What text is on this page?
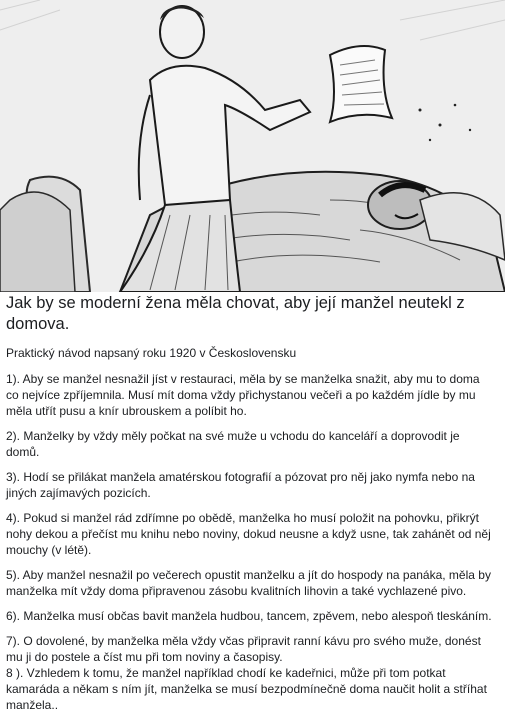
Jak by se moderní žena měla chovat, aby její manžel neutekl z domova.

Praktický návod napsaný roku 1920 v Československu

1). Aby se manžel nesnažil jíst v restauraci, měla by se manželka snažit, aby mu to doma co nejvíce zpříjemnila. Musí mít doma vždy přichystanou večeři a po každém jídle by mu měla utřít pusu a knír ubrouskem a políbit ho.
2). Manželky by vždy měly počkat na své muže u vchodu do kanceláří a doprovodit je domů.
3). Hodí se přilákat manžela amatérskou fotografií a pózovat pro něj jako nymfa nebo na jiných zajímavých pozicích.
4). Pokud si manžel rád zdřímne po obědě, manželka ho musí položit na pohovku, přikrýt nohy dekou a přečíst mu knihu nebo noviny, dokud neusne a když usne, tak zahánět od něj mouchy (v létě).
5). Aby manžel nesnažil po večerech opustit manželku a jít do hospody na panáka, měla by manželka mít vždy doma připravenou zásobu kvalitních lihovin a také vychlazené pivo.
6). Manželka musí občas bavit manžela hudbou, tancem, zpěvem, nebo alespoň tleskáním.
7). O dovolené, by manželka měla vždy včas připravit ranní kávu pro svého muže, donést mu ji do postele a číst mu při tom noviny a časopisy.
8 ). Vzhledem k tomu, že manžel například chodí ke kadeřnici, může při tom potkat kamaráda a někam s ním jít, manželka se musí bezpodmínečně doma naučit holit a stříhat manžela..
